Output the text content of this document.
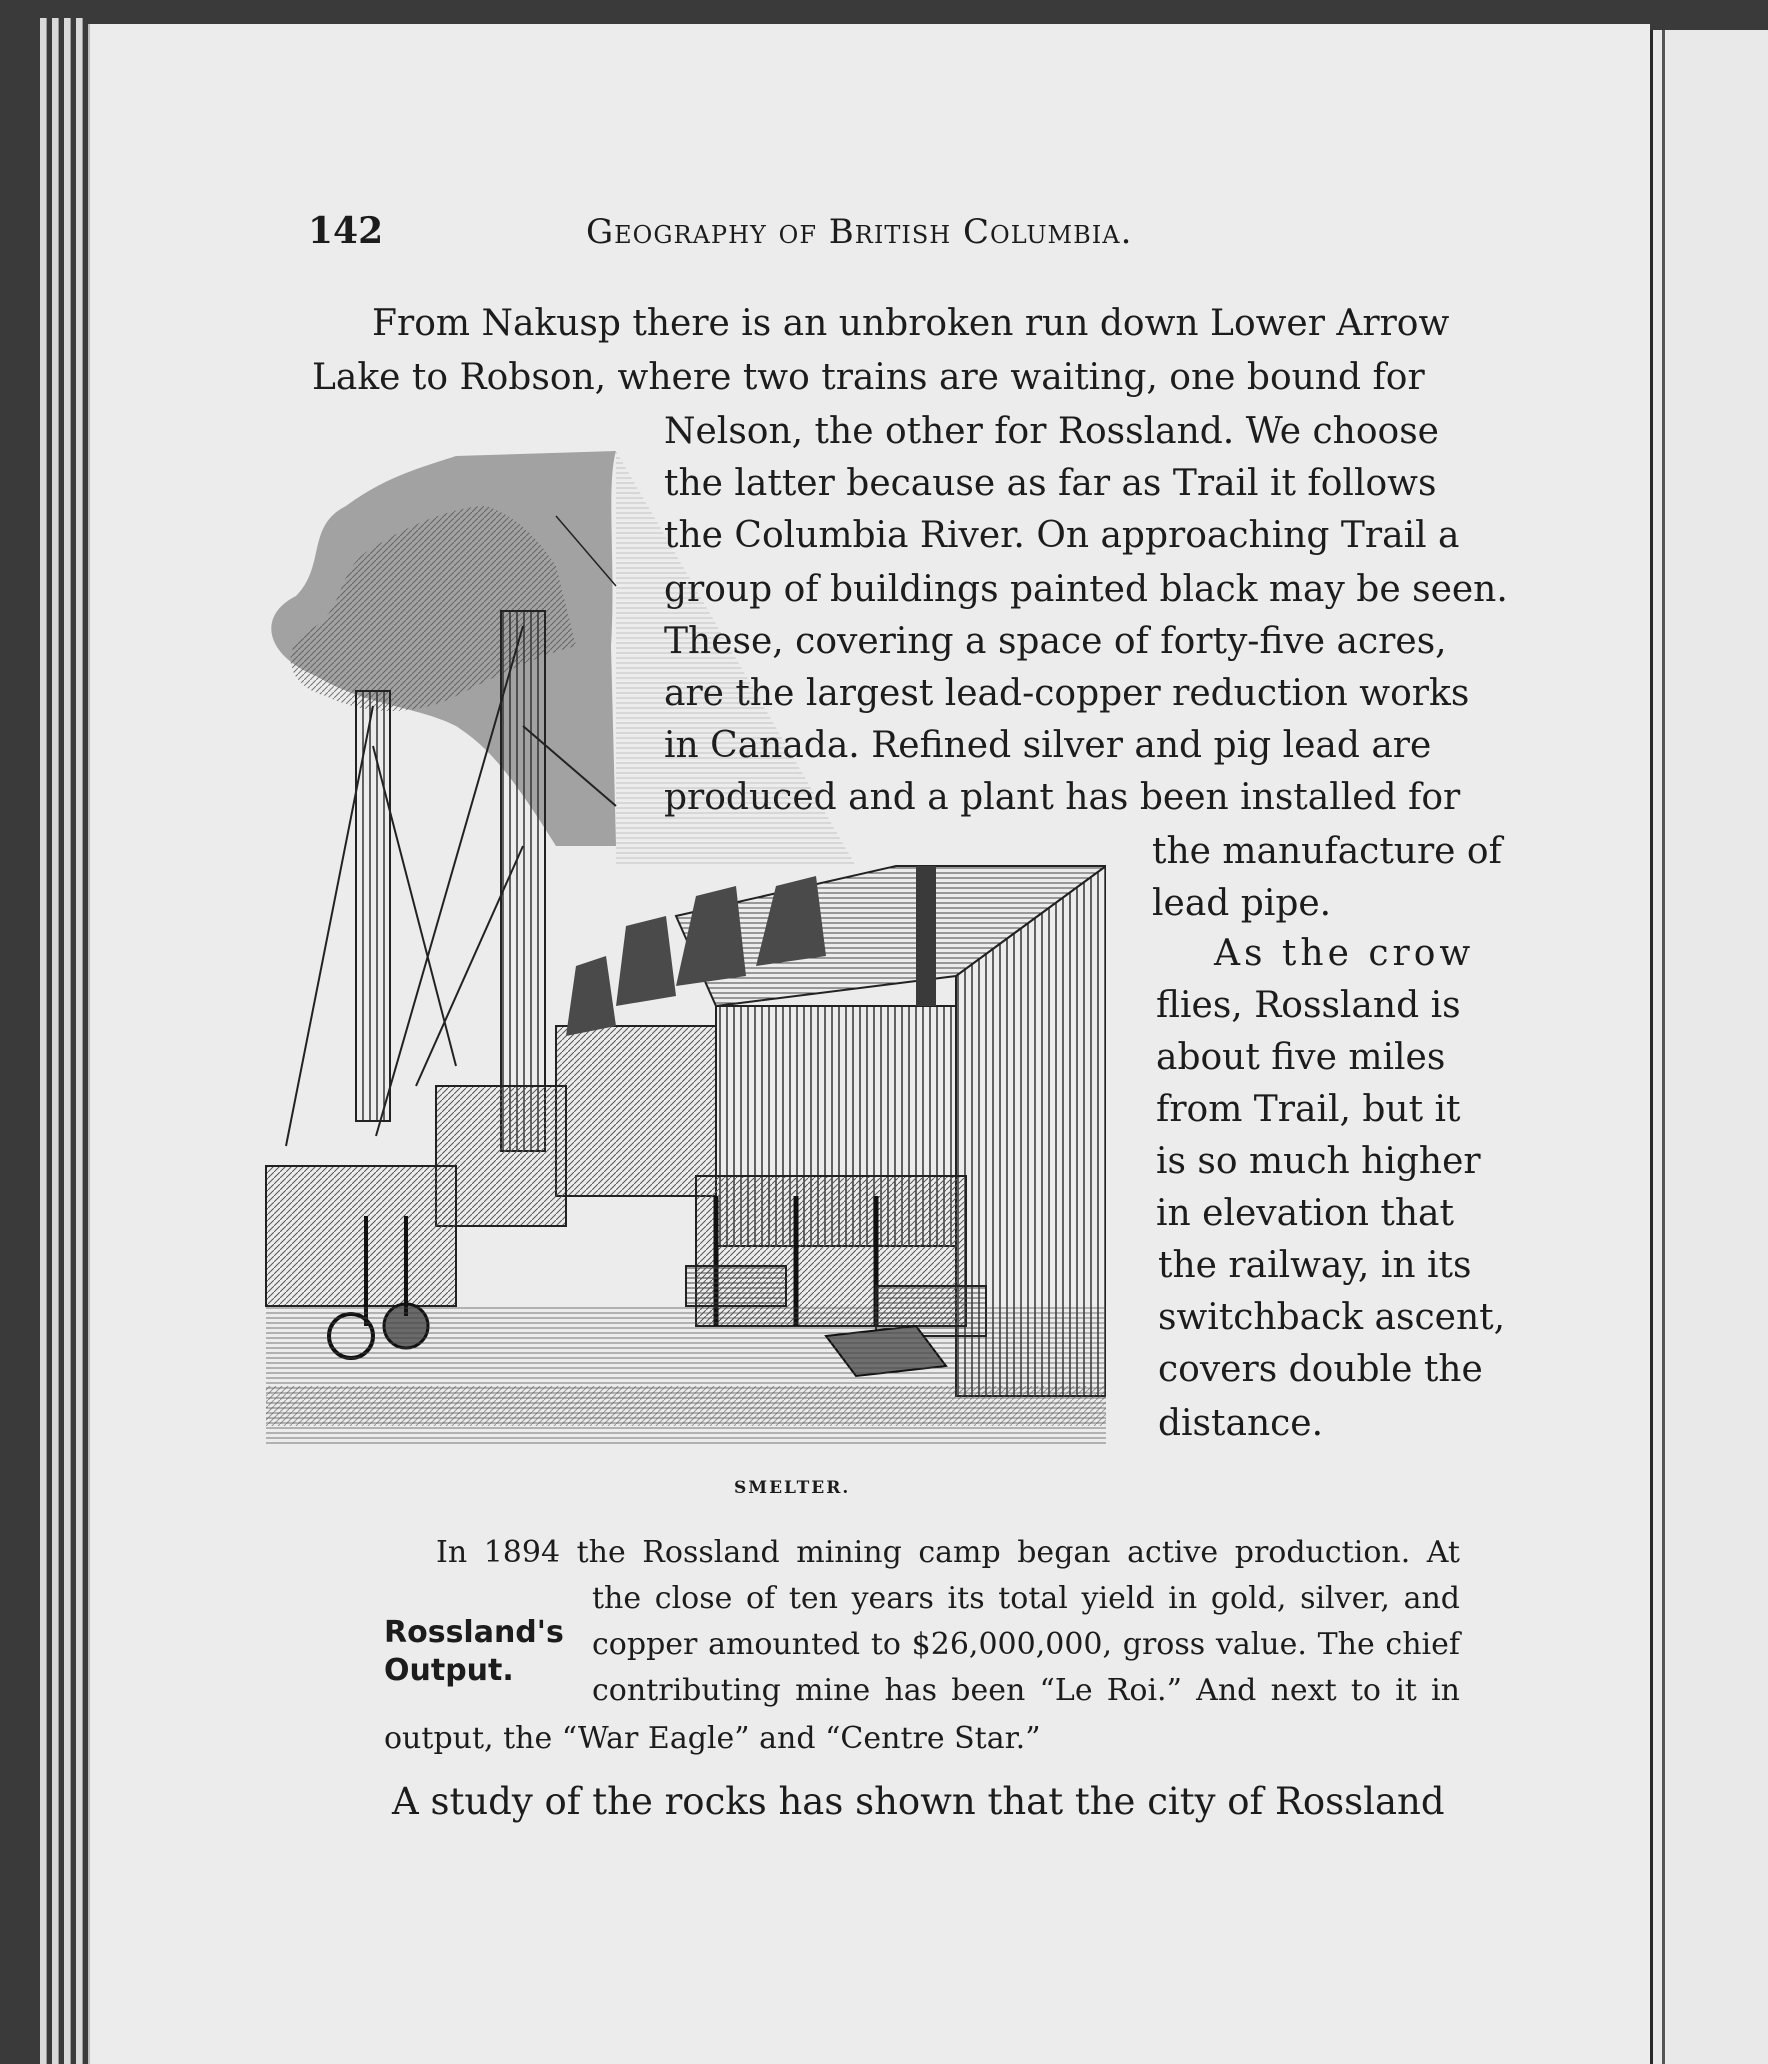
142	Geography of British Columbia.
From Nakusp there is an unbroken run down Lower Arrow
Lake to Robson, where two trains are waiting, one bound for
Nelson, the other for Rossland. We choose
the latter because as far as Trail it follows
the Columbia River. On approaching Trail a
group of buildings painted black may be seen.
These, covering a space of forty-five acres,
are the largest lead-copper reduction works
in Canada. Refined silver and pig lead are
produced and a plant has been installed for
the manufacture of
lead pipe.
As the crow
flies, Rossland is
about five miles
from Trail, but it
is so much higher
in elevation that
the railway, in its
switchback ascent,
covers double the
distance.
SMELTER.
In 1894 the Rossland mining camp began active production. At
the close of ten years its total yield in gold, silver, and
copper amounted to $26,000,000, gross value. The chief
contributing mine has been “Le Roi.” And next to it in
output, the “War Eagle” and “Centre Star.”
Rossland's
Output.
A study of the rocks has shown that the city of Rossland
